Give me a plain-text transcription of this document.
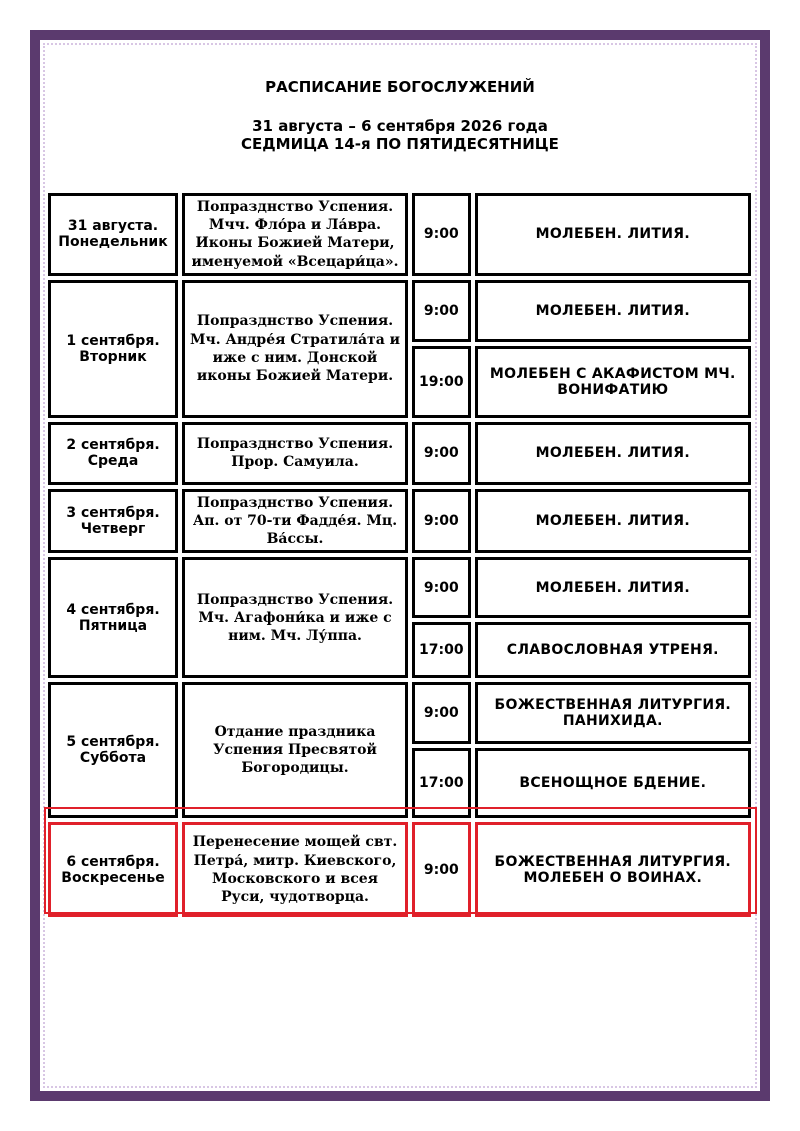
РАСПИСАНИЕ БОГОСЛУЖЕНИЙ
31 августа – 6 сентября 2026 года
СЕДМИЦА 14-я ПО ПЯТИДЕСЯТНИЦЕ
31 августа.
Понедельник	Попразднство Успения. Мчч. Фло́ра и Ла́вра. Иконы Божией Матери, именуемой «Всецари́ца».	9:00	МОЛЕБЕН. ЛИТИЯ.

1 сентября.
Вторник	Попразднство Успения. Мч. Андре́я Стратила́та и иже с ним. Донской иконы Божией Матери.	9:00	МОЛЕБЕН. ЛИТИЯ.
		19:00	МОЛЕБЕН С АКАФИСТОМ МЧ. ВОНИФАТИЮ

2 сентября.
Среда	Попразднство Успения. Прор. Самуила.	9:00	МОЛЕБЕН. ЛИТИЯ.

3 сентября.
Четверг	Попразднство Успения. Ап. от 70-ти Фадде́я. Мц. Ва́ссы.	9:00	МОЛЕБЕН. ЛИТИЯ.

4 сентября.
Пятница	Попразднство Успения. Мч. Агафони́ка и иже с ним. Мч. Лу́ппа.	9:00	МОЛЕБЕН. ЛИТИЯ.
		17:00	СЛАВОСЛОВНАЯ УТРЕНЯ.

5 сентября.
Суббота	Отдание праздника Успения Пресвятой Богородицы.	9:00	БОЖЕСТВЕННАЯ ЛИТУРГИЯ. ПАНИХИДА.
		17:00	ВСЕНОЩНОЕ БДЕНИЕ.

6 сентября.
Воскресенье	Перенесение мощей свт. Петра́, митр. Киевского, Московского и всея Руси, чудотворца.	9:00	БОЖЕСТВЕННАЯ ЛИТУРГИЯ. МОЛЕБЕН О ВОИНАХ.
